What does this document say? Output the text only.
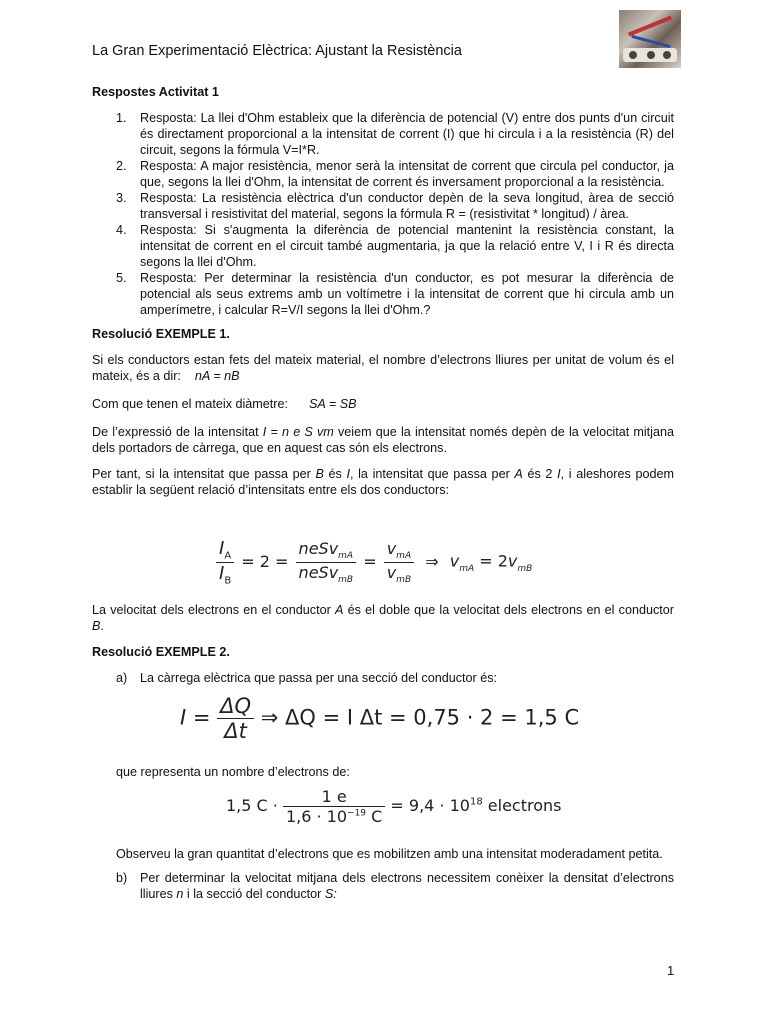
La Gran Experimentació Elèctrica: Ajustant la Resistència

Respostes Activitat 1

1. Resposta: La llei d'Ohm estableix que la diferència de potencial (V) entre dos punts d'un circuit és directament proporcional a la intensitat de corrent (I) que hi circula i a la resistència (R) del circuit, segons la fórmula V=I*R.
2. Resposta: A major resistència, menor serà la intensitat de corrent que circula pel conductor, ja que, segons la llei d'Ohm, la intensitat de corrent és inversament proporcional a la resistència.
3. Resposta: La resistència elèctrica d'un conductor depèn de la seva longitud, àrea de secció transversal i resistivitat del material, segons la fórmula R = (resistivitat * longitud) / àrea.
4. Resposta: Si s'augmenta la diferència de potencial mantenint la resistència constant, la intensitat de corrent en el circuit també augmentaria, ja que la relació entre V, I i R és directa segons la llei d'Ohm.
5. Resposta: Per determinar la resistència d'un conductor, es pot mesurar la diferència de potencial als seus extrems amb un voltímetre i la intensitat de corrent que hi circula amb un amperímetre, i calcular R=V/I segons la llei d'Ohm.?

Resolució EXEMPLE 1.

Si els conductors estan fets del mateix material, el nombre d’electrons lliures per unitat de volum és el mateix, és a dir: nA = nB

Com que tenen el mateix diàmetre: SA = SB

De l’expressió de la intensitat I = n e S vm veiem que la intensitat només depèn de la velocitat mitjana dels portadors de càrrega, que en aquest cas són els electrons.

Per tant, si la intensitat que passa per B és I, la intensitat que passa per A és 2 I, i aleshores podem establir la següent relació d’intensitats entre els dos conductors:

$\frac{I_A}{I_B} = 2 = \frac{neSv_{mA}}{neSv_{mB}} = \frac{v_{mA}}{v_{mB}}$ ⇒ $v_{mA} = 2v_{mB}$

La velocitat dels electrons en el conductor A és el doble que la velocitat dels electrons en el conductor B.

Resolució EXEMPLE 2.

a) La càrrega elèctrica que passa per una secció del conductor és:
$I = \frac{\Delta Q}{\Delta t}$ ⇒ ΔQ = I Δt = 0,75 · 2 = 1,5 C

que representa un nombre d’electrons de:

1,5 $C \cdot \frac{1 e}{1,6 \cdot 10^{-19} C} = 9,4 \cdot 10^{18}$ electrons

Observeu la gran quantitat d’electrons que es mobilitzen amb una intensitat moderadament petita.

b) Per determinar la velocitat mitjana dels electrons necessitem conèixer la densitat d’electrons lliures n i la secció del conductor S:
1
